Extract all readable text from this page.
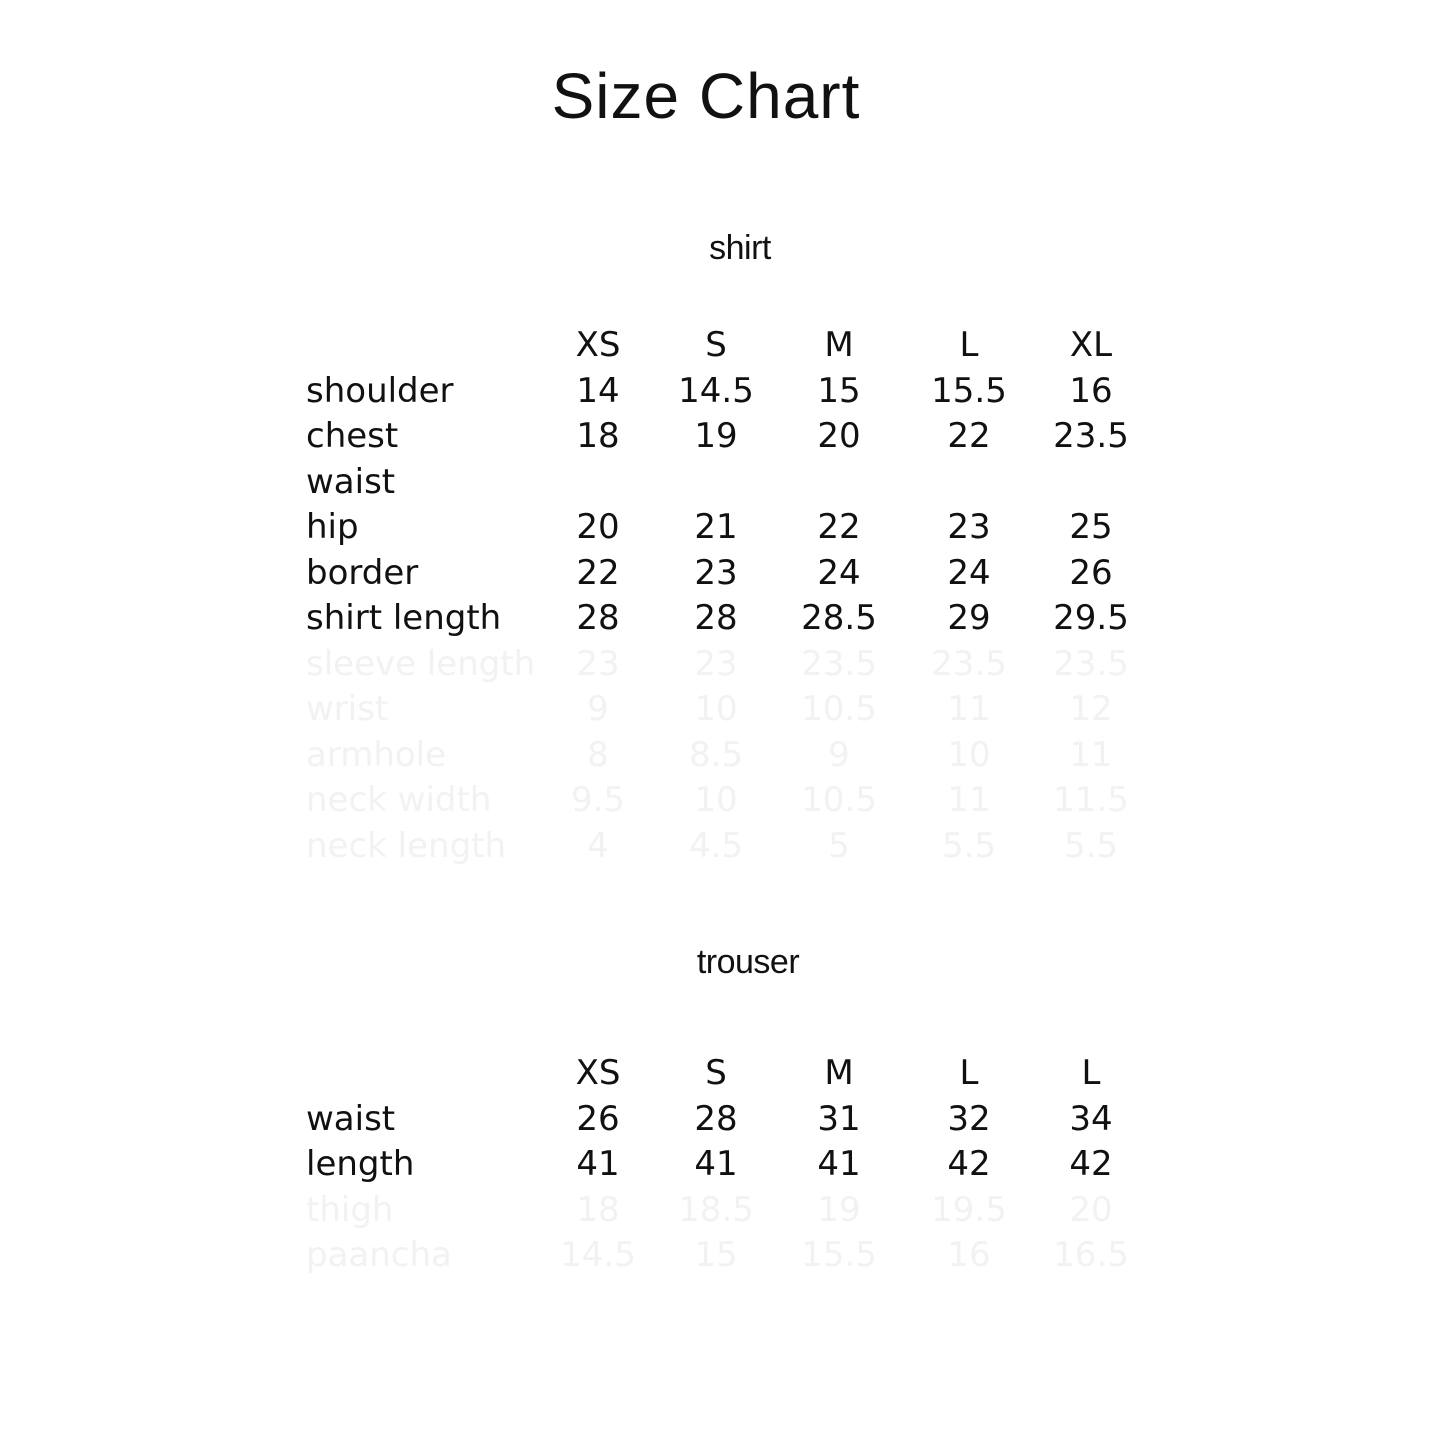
Size Chart
shirt
XS	S	M	L	XL
shoulder	14	14.5	15	15.5	16
chest	18	19	20	22	23.5
waist
hip	20	21	22	23	25
border	22	23	24	24	26
shirt length	28	28	28.5	29	29.5
sleeve length	23	23	23.5	23.5	23.5
wrist	9	10	10.5	11	12
armhole	8	8.5	9	10	11
neck width	9.5	10	10.5	11	11.5
neck length	4	4.5	5	5.5	5.5
trouser
XS	S	M	L	L
waist	26	28	31	32	34
length	41	41	41	42	42
thigh	18	18.5	19	19.5	20
paancha	14.5	15	15.5	16	16.5
